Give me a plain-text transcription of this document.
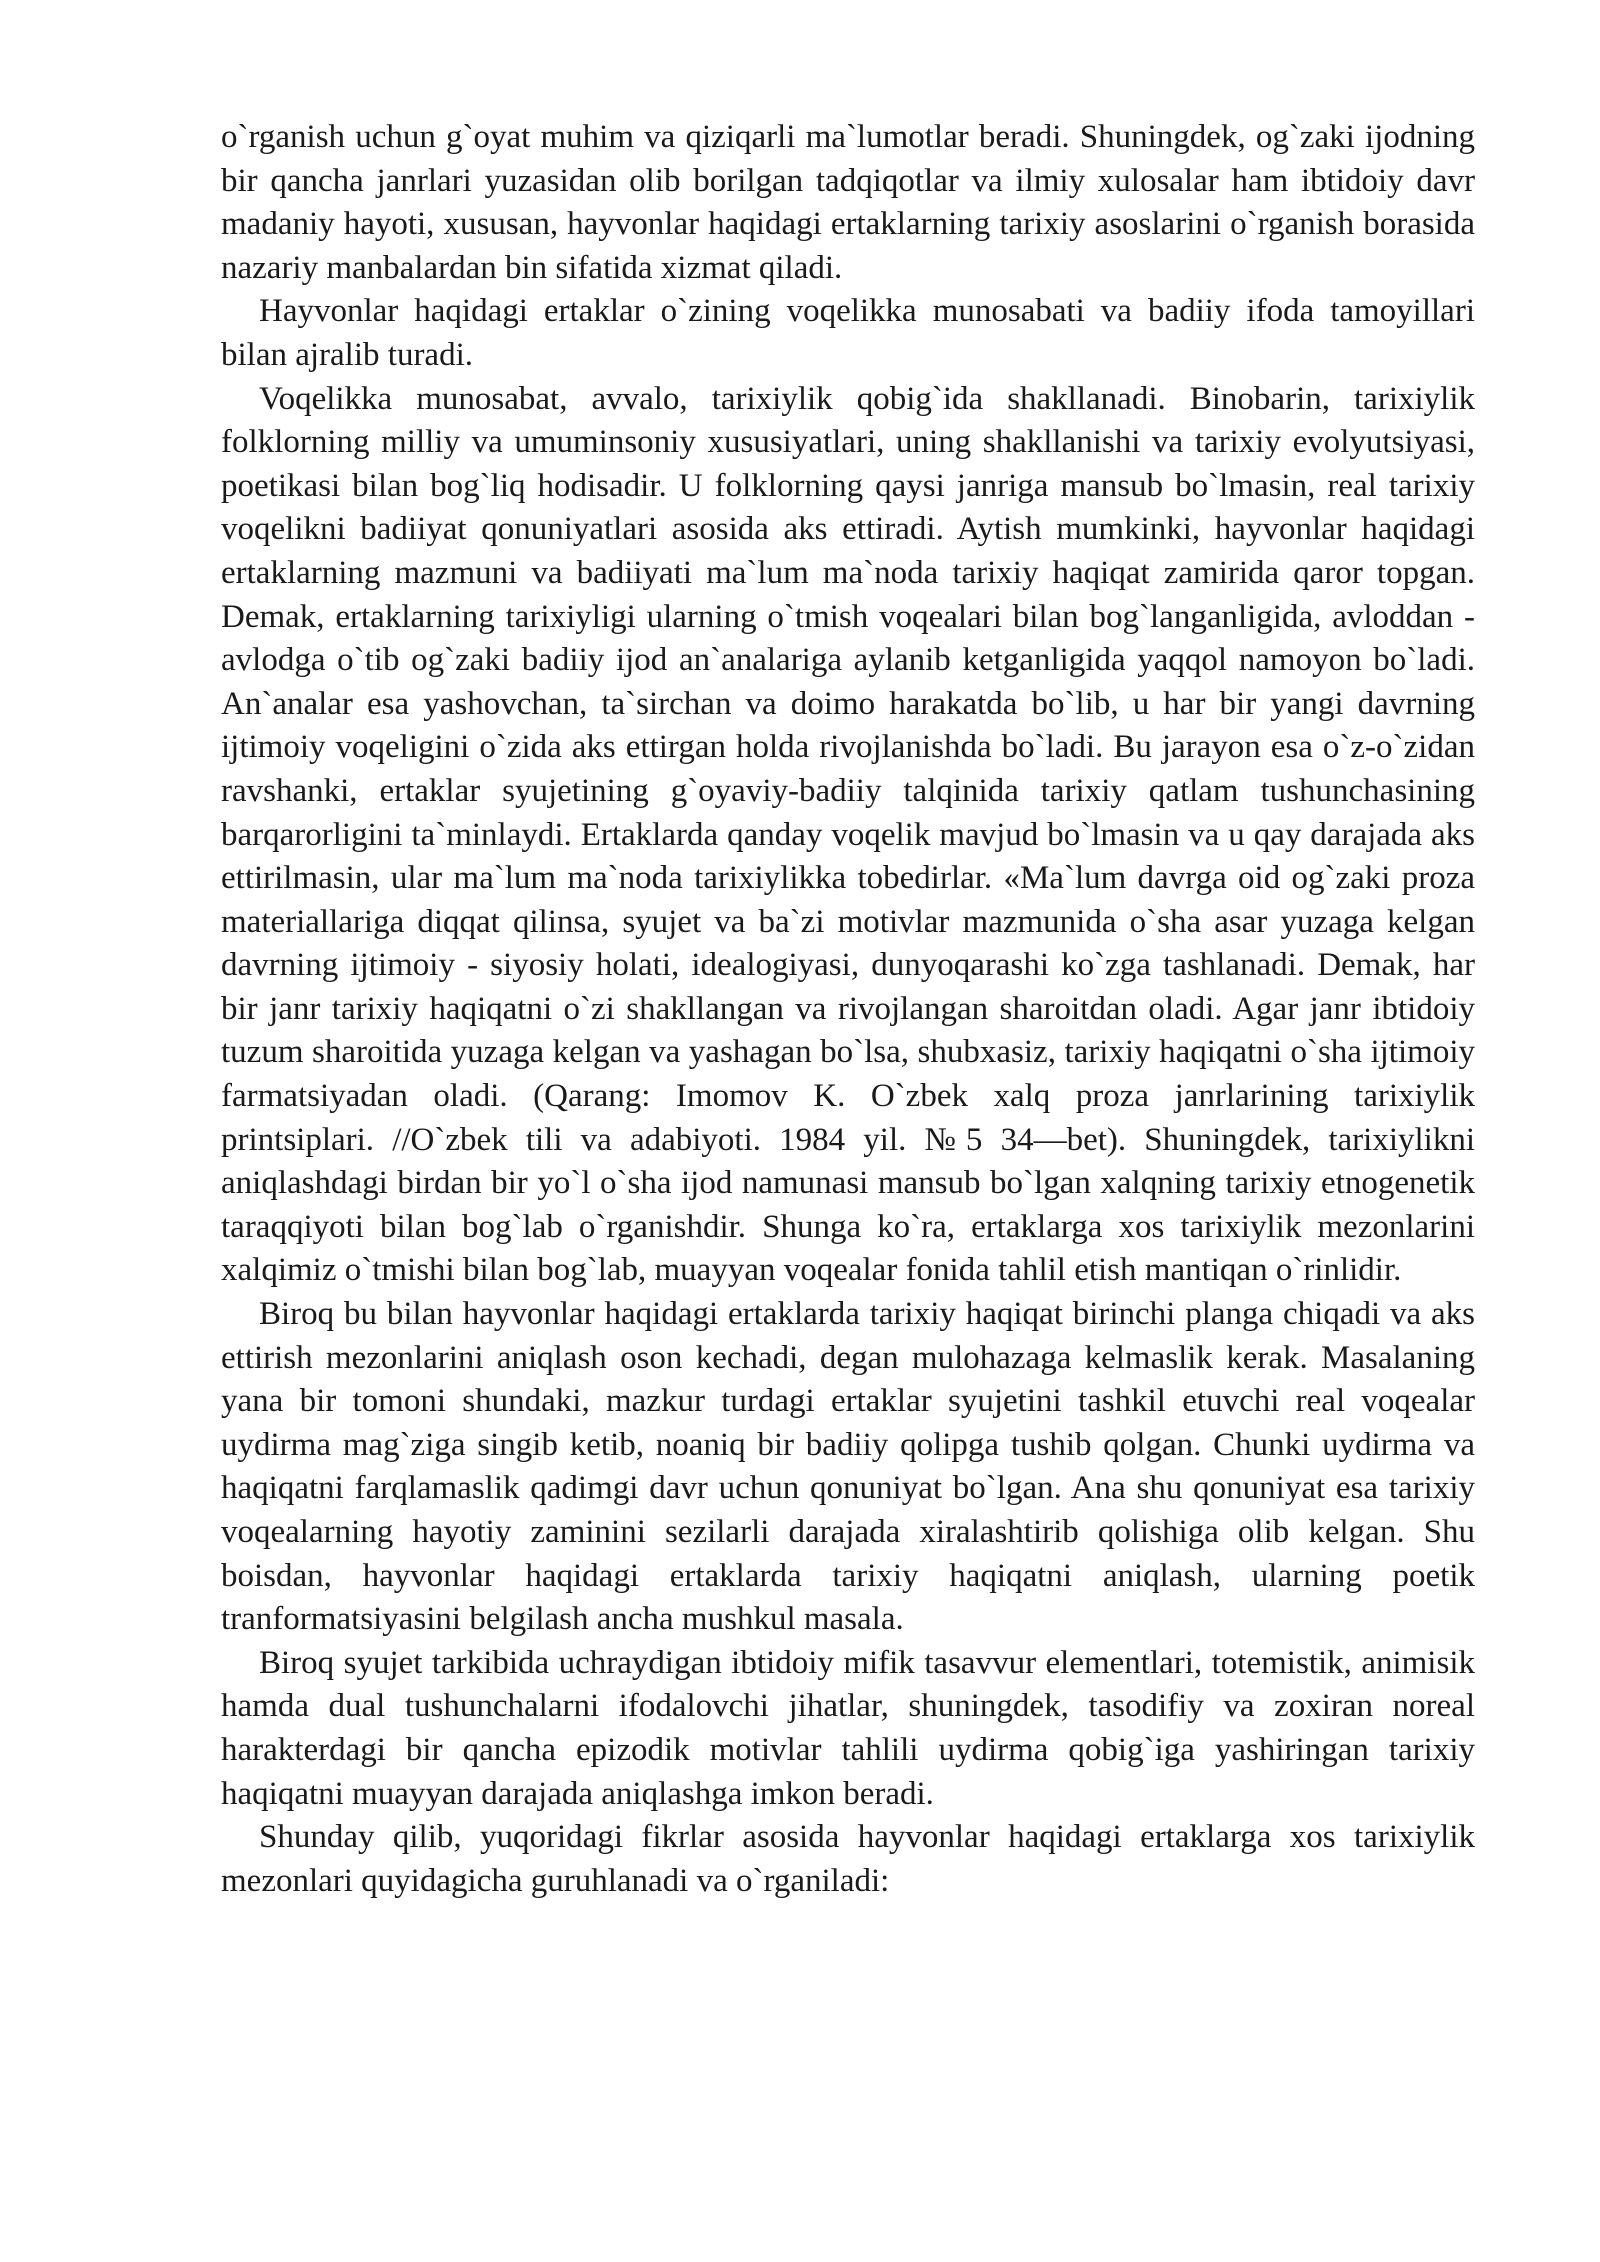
o`rganish uchun g`oyat muhim va qiziqarli ma`lumotlar beradi. Shuningdek, og`zaki ijodning bir qancha janrlari yuzasidan olib borilgan tadqiqotlar va ilmiy xulosalar ham ibtidoiy davr madaniy hayoti, xususan, hayvonlar haqidagi ertaklarning tarixiy asoslarini o`rganish borasida nazariy manbalardan bin sifatida xizmat qiladi.

Hayvonlar haqidagi ertaklar o`zining voqelikka munosabati va badiiy ifoda tamoyillari bilan ajralib turadi.

Voqelikka munosabat, avvalo, tarixiylik qobig`ida shakllanadi. Binobarin, tarixiylik folklorning milliy va umuminsoniy xususiyatlari, uning shakllanishi va tarixiy evolyutsiyasi, poetikasi bilan bog`liq hodisadir. U folklorning qaysi janriga mansub bo`lmasin, real tarixiy voqelikni badiiyat qonuniyatlari asosida aks ettiradi. Aytish mumkinki, hayvonlar haqidagi ertaklarning mazmuni va badiiyati ma`lum ma`noda tarixiy haqiqat zamirida qaror topgan. Demak, ertaklarning tarixiyligi ularning o`tmish voqealari bilan bog`langanligida, avloddan - avlodga o`tib og`zaki badiiy ijod an`analariga aylanib ketganligida yaqqol namoyon bo`ladi. An`analar esa yashovchan, ta`sirchan va doimo harakatda bo`lib, u har bir yangi davrning ijtimoiy voqeligini o`zida aks ettirgan holda rivojlanishda bo`ladi. Bu jarayon esa o`z-o`zidan ravshanki, ertaklar syujetining g`oyaviy-badiiy talqinida tarixiy qatlam tushunchasining barqarorligini ta`minlaydi. Ertaklarda qanday voqelik mavjud bo`lmasin va u qay darajada aks ettirilmasin, ular ma`lum ma`noda tarixiylikka tobedirlar. «Ma`lum davrga oid og`zaki proza materiallariga diqqat qilinsa, syujet va ba`zi motivlar mazmunida o`sha asar yuzaga kelgan davrning ijtimoiy - siyosiy holati, idealogiyasi, dunyoqarashi ko`zga tashlanadi. Demak, har bir janr tarixiy haqiqatni o`zi shakllangan va rivojlangan sharoitdan oladi. Agar janr ibtidoiy tuzum sharoitida yuzaga kelgan va yashagan bo`lsa, shubxasiz, tarixiy haqiqatni o`sha ijtimoiy farmatsiyadan oladi. (Qarang: Imomov K. O`zbek xalq proza janrlarining tarixiylik printsiplari. //O`zbek tili va adabiyoti. 1984 yil. №5 34—bet). Shuningdek, tarixiylikni aniqlashdagi birdan bir yo`l o`sha ijod namunasi mansub bo`lgan xalqning tarixiy etnogenetik taraqqiyoti bilan bog`lab o`rganishdir. Shunga ko`ra, ertaklarga xos tarixiylik mezonlarini xalqimiz o`tmishi bilan bog`lab, muayyan voqealar fonida tahlil etish mantiqan o`rinlidir.

Biroq bu bilan hayvonlar haqidagi ertaklarda tarixiy haqiqat birinchi planga chiqadi va aks ettirish mezonlarini aniqlash oson kechadi, degan mulohazaga kelmaslik kerak. Masalaning yana bir tomoni shundaki, mazkur turdagi ertaklar syujetini tashkil etuvchi real voqealar uydirma mag`ziga singib ketib, noaniq bir badiiy qolipga tushib qolgan. Chunki uydirma va haqiqatni farqlamaslik qadimgi davr uchun qonuniyat bo`lgan. Ana shu qonuniyat esa tarixiy voqealarning hayotiy zaminini sezilarli darajada xiralashtirib qolishiga olib kelgan. Shu boisdan, hayvonlar haqidagi ertaklarda tarixiy haqiqatni aniqlash, ularning poetik tranformatsiyasini belgilash ancha mushkul masala.

Biroq syujet tarkibida uchraydigan ibtidoiy mifik tasavvur elementlari, totemistik, animisik hamda dual tushunchalarni ifodalovchi jihatlar, shuningdek, tasodifiy va zoxiran noreal harakterdagi bir qancha epizodik motivlar tahlili uydirma qobig`iga yashiringan tarixiy haqiqatni muayyan darajada aniqlashga imkon beradi.

Shunday qilib, yuqoridagi fikrlar asosida hayvonlar haqidagi ertaklarga xos tarixiylik mezonlari quyidagicha guruhlanadi va o`rganiladi:
